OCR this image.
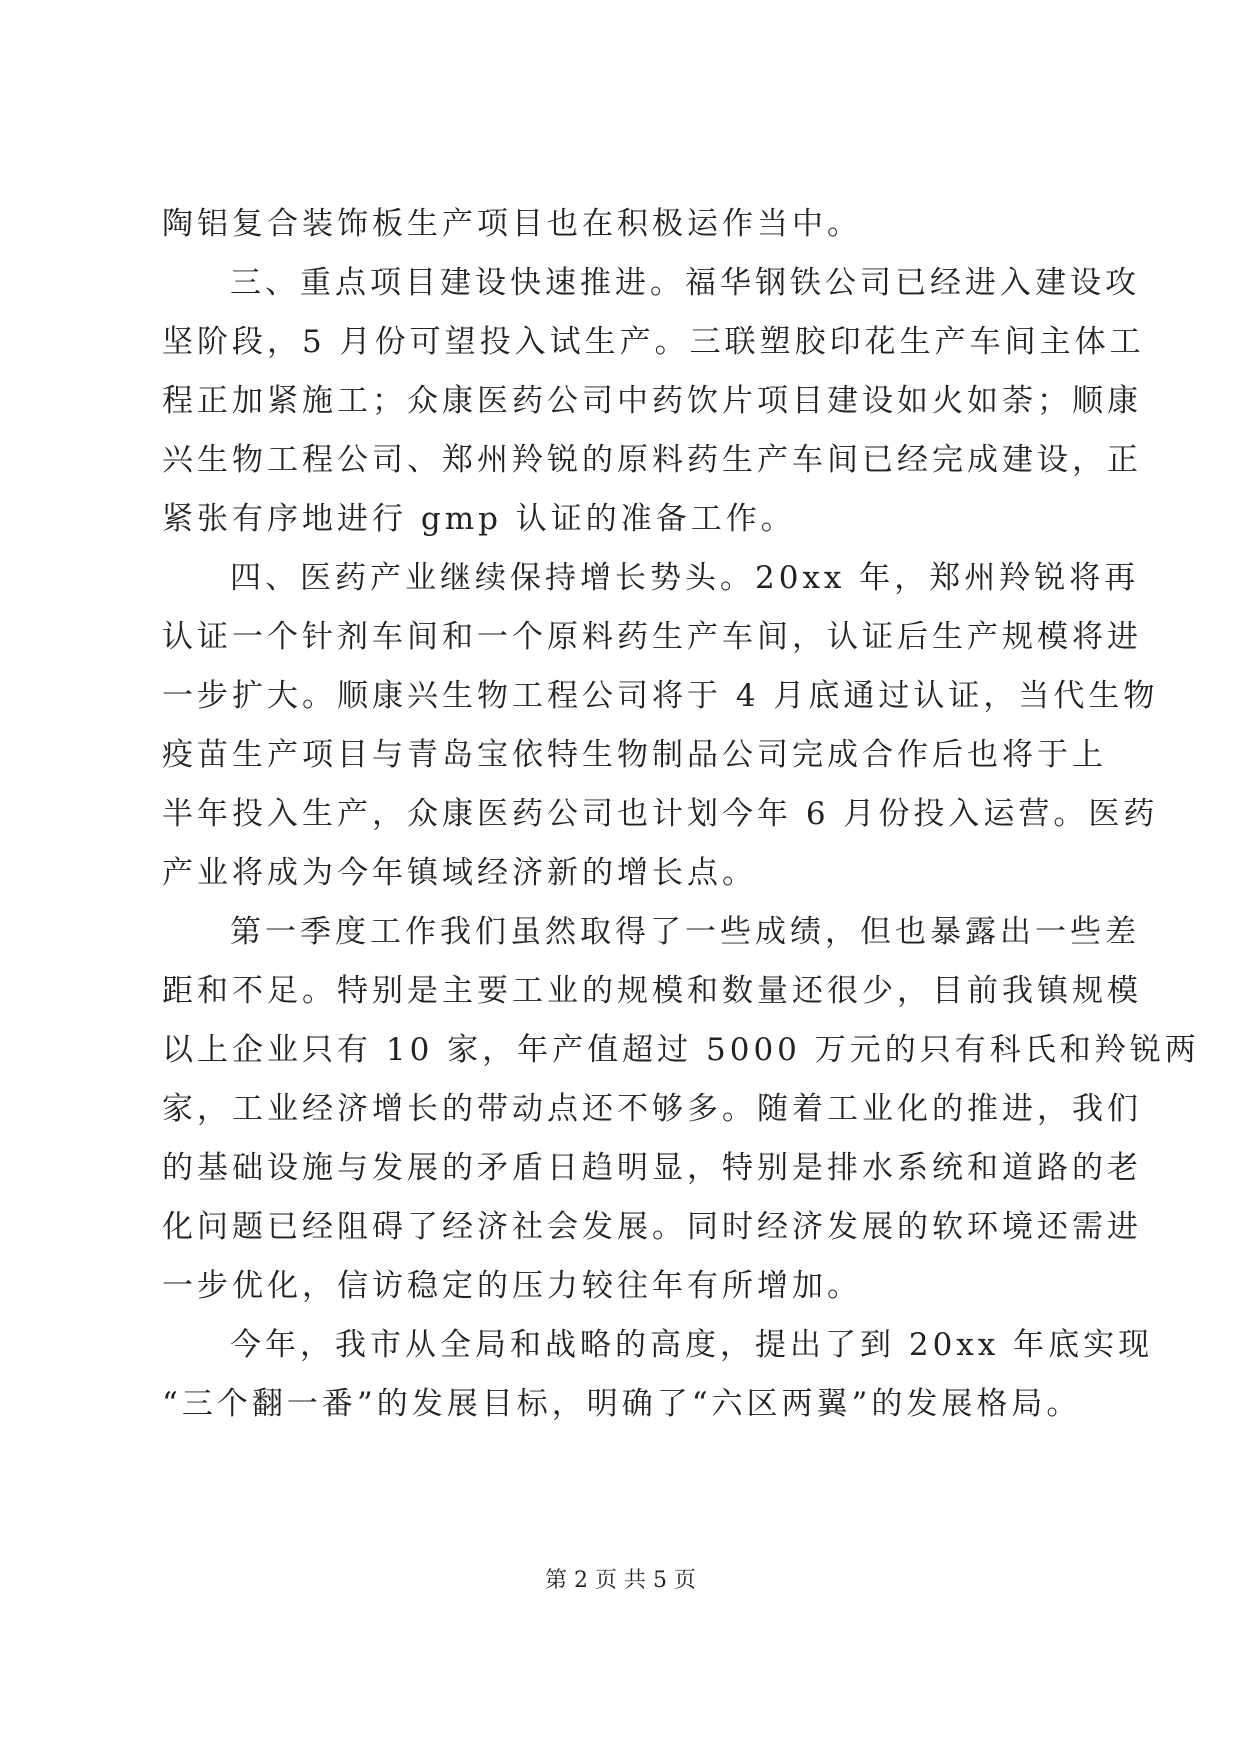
陶铝复合装饰板生产项目也在积极运作当中。
三、重点项目建设快速推进。福华钢铁公司已经进入建设攻
坚阶段，5 月份可望投入试生产。三联塑胶印花生产车间主体工
程正加紧施工；众康医药公司中药饮片项目建设如火如荼；顺康
兴生物工程公司、郑州羚锐的原料药生产车间已经完成建设，正
紧张有序地进行 gmp 认证的准备工作。
四、医药产业继续保持增长势头。20xx 年，郑州羚锐将再
认证一个针剂车间和一个原料药生产车间，认证后生产规模将进
一步扩大。顺康兴生物工程公司将于 4 月底通过认证，当代生物
疫苗生产项目与青岛宝依特生物制品公司完成合作后也将于上
半年投入生产，众康医药公司也计划今年 6 月份投入运营。医药
产业将成为今年镇域经济新的增长点。
第一季度工作我们虽然取得了一些成绩，但也暴露出一些差
距和不足。特别是主要工业的规模和数量还很少，目前我镇规模
以上企业只有 10 家，年产值超过 5000 万元的只有科氏和羚锐两
家，工业经济增长的带动点还不够多。随着工业化的推进，我们
的基础设施与发展的矛盾日趋明显，特别是排水系统和道路的老
化问题已经阻碍了经济社会发展。同时经济发展的软环境还需进
一步优化，信访稳定的压力较往年有所增加。
今年，我市从全局和战略的高度，提出了到 20xx 年底实现
“三个翻一番”的发展目标，明确了“六区两翼”的发展格局。
第 2 页 共 5 页
